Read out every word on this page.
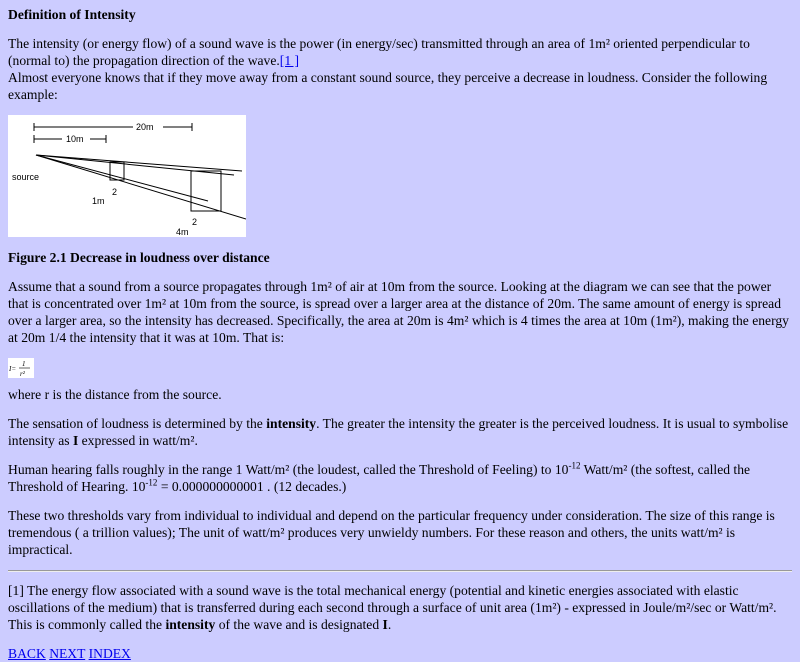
Definition of Intensity

The intensity (or energy flow) of a sound wave is the power (in energy/sec) transmitted through an area of 1m² oriented perpendicular to (normal to) the propagation direction of the wave.[1 ]
Almost everyone knows that if they move away from a constant sound source, they perceive a decrease in loudness. Consider the following example:

20m
10m
source
1m
2
4m
2
Figure 2.1 Decrease in loudness over distance

Assume that a sound from a source propagates through 1m² of air at 10m from the source. Looking at the diagram we can see that the power that is concentrated over 1m² at 10m from the source, is spread over a larger area at the distance of 20m. The same amount of energy is spread over a larger area, so the intensity has decreased. Specifically, the area at 20m is 4m² which is 4 times the area at 10m (1m²), making the energy at 20m 1/4 the intensity that it was at 10m. That is:

I=
1
r²

where r is the distance from the source.

The sensation of loudness is determined by the intensity. The greater the intensity the greater is the perceived loudness. It is usual to symbolise intensity as I expressed in watt/m².

Human hearing falls roughly in the range 1 Watt/m² (the loudest, called the Threshold of Feeling) to $10^{-12}$ Watt/m² (the softest, called the Threshold of Hearing. $10^{-12} = 0.000000000001$ . (12 decades.)

These two thresholds vary from individual to individual and depend on the particular frequency under consideration. The size of this range is tremendous ( a trillion values); The unit of watt/m² produces very unwieldy numbers. For these reason and others, the units watt/m² is impractical.

[1] The energy flow associated with a sound wave is the total mechanical energy (potential and kinetic energies associated with elastic oscillations of the medium) that is transferred during each second through a surface of unit area (1m²) - expressed in Joule/m²/sec or Watt/m². This is commonly called the intensity of the wave and is designated I.

BACK NEXT INDEX
